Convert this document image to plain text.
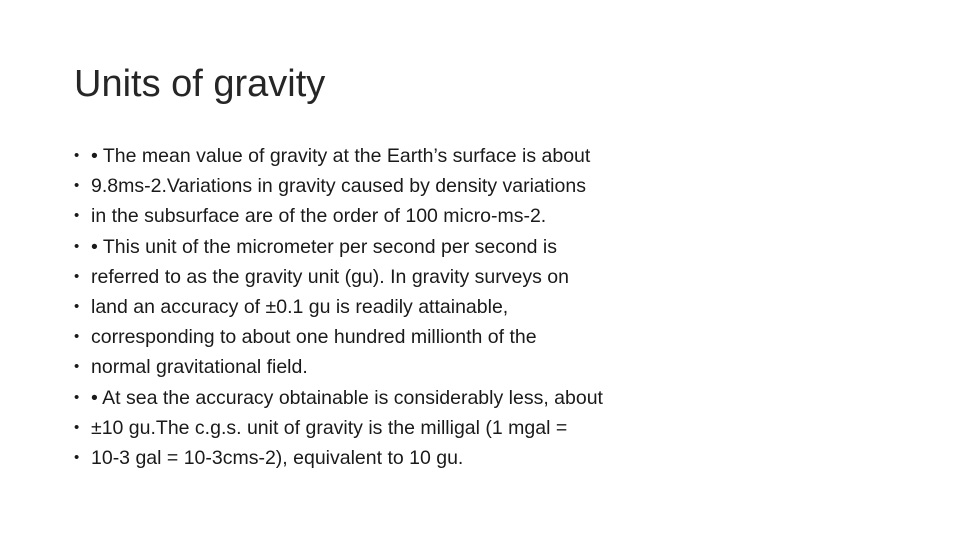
Units of gravity
• • The mean value of gravity at the Earth’s surface is about
• 9.8ms-2.Variations in gravity caused by density variations
• in the subsurface are of the order of 100 micro-ms-2.
• • This unit of the micrometer per second per second is
• referred to as the gravity unit (gu). In gravity surveys on
• land an accuracy of ±0.1 gu is readily attainable,
• corresponding to about one hundred millionth of the
• normal gravitational field.
• • At sea the accuracy obtainable is considerably less, about
• ±10 gu.The c.g.s. unit of gravity is the milligal (1 mgal =
• 10-3 gal = 10-3cms-2), equivalent to 10 gu.
